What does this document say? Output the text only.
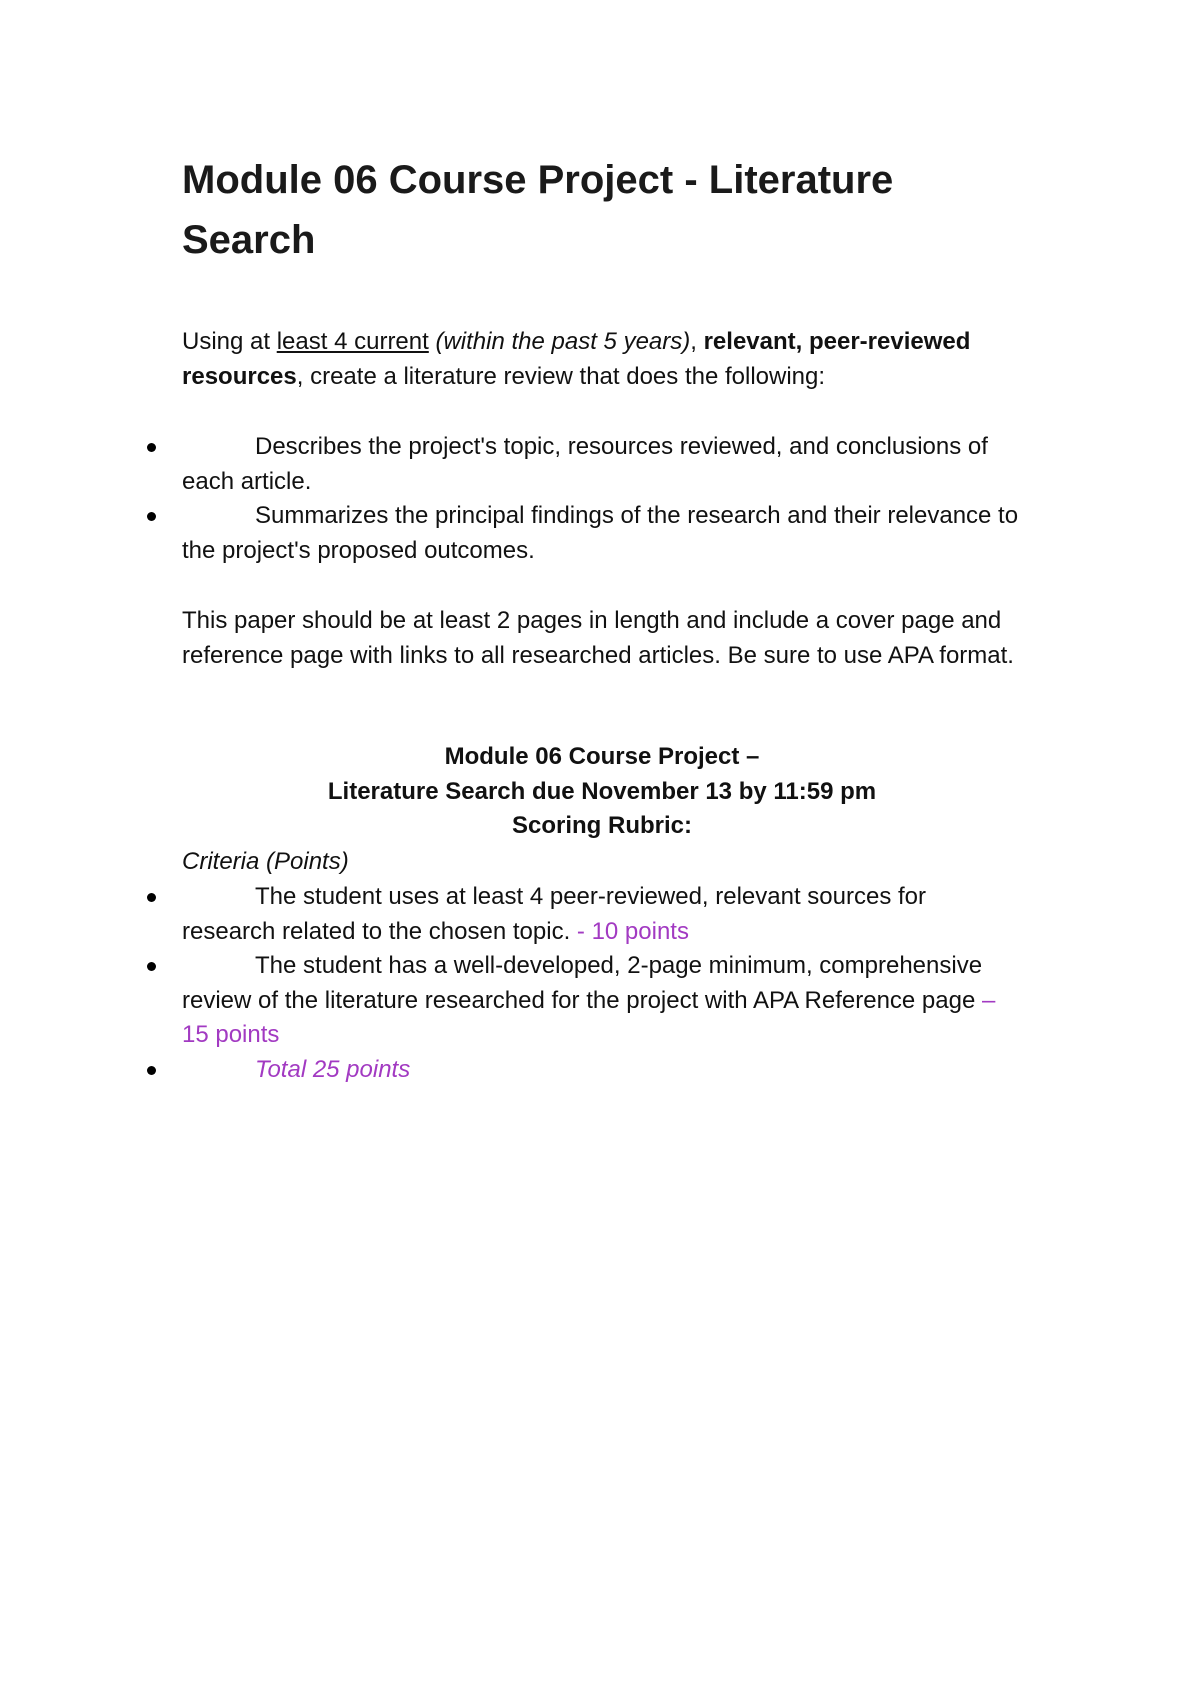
Module 06 Course Project - Literature Search

Using at least 4 current (within the past 5 years), relevant, peer-reviewed resources, create a literature review that does the following:

Describes the project's topic, resources reviewed, and conclusions of each article.
Summarizes the principal findings of the research and their relevance to the project's proposed outcomes.

This paper should be at least 2 pages in length and include a cover page and reference page with links to all researched articles. Be sure to use APA format.

Module 06 Course Project –
Literature Search due November 13 by 11:59 pm
Scoring Rubric:

Criteria (Points)

The student uses at least 4 peer-reviewed, relevant sources for research related to the chosen topic. - 10 points
The student has a well-developed, 2-page minimum, comprehensive review of the literature researched for the project with APA Reference page – 15 points
Total 25 points
